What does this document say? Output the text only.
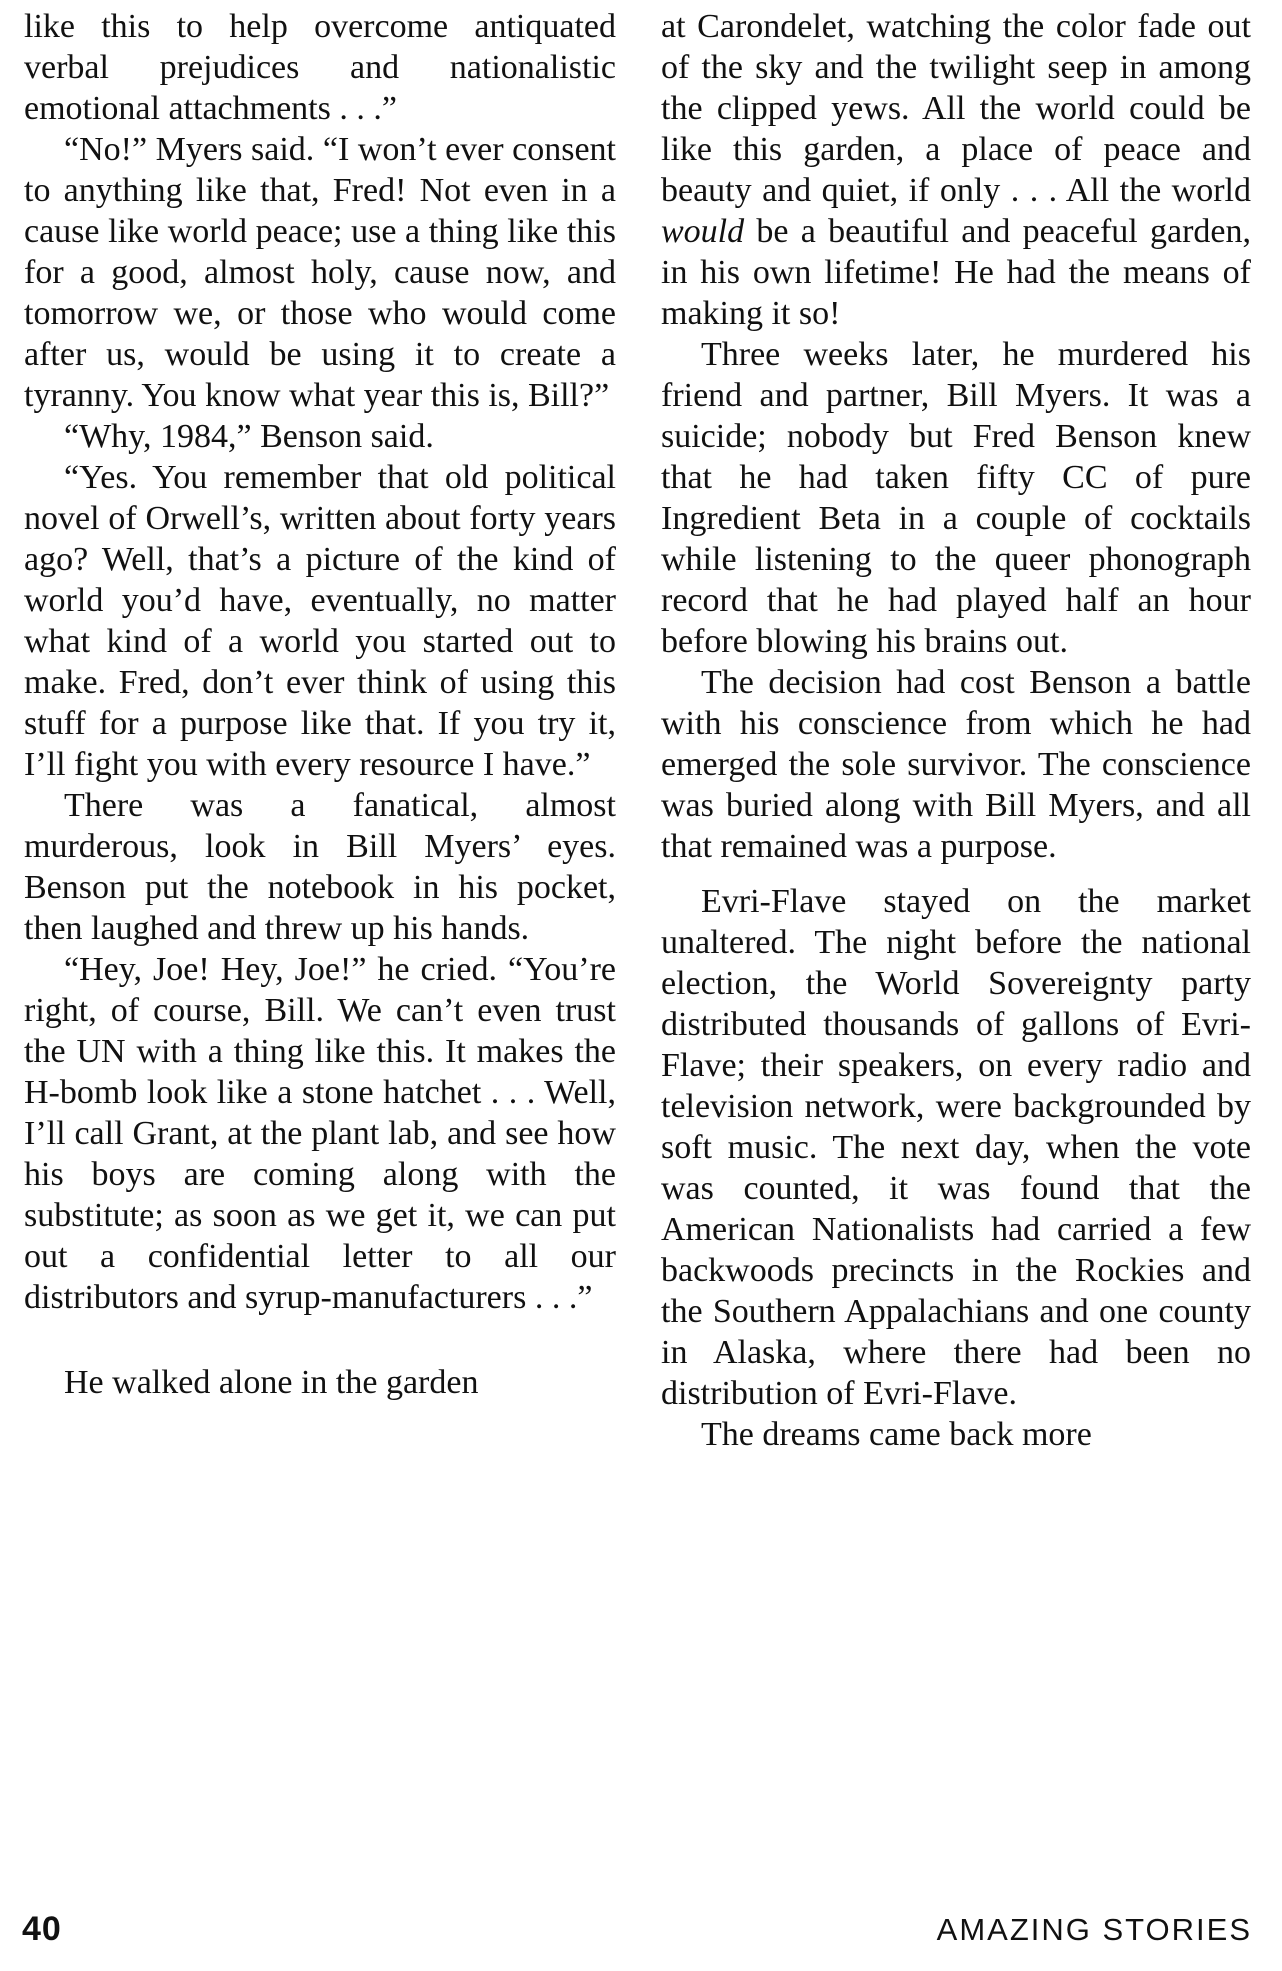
like this to help overcome antiquated verbal prejudices and nationalistic emotional attachments . . .”

“No!” Myers said. “I won’t ever consent to anything like that, Fred! Not even in a cause like world peace; use a thing like this for a good, almost holy, cause now, and tomorrow we, or those who would come after us, would be using it to create a tyranny. You know what year this is, Bill?”

“Why, 1984,” Benson said.

“Yes. You remember that old political novel of Orwell’s, written about forty years ago? Well, that’s a picture of the kind of world you’d have, eventually, no matter what kind of a world you started out to make. Fred, don’t ever think of using this stuff for a purpose like that. If you try it, I’ll fight you with every resource I have.”

There was a fanatical, almost murderous, look in Bill Myers’ eyes. Benson put the notebook in his pocket, then laughed and threw up his hands.

“Hey, Joe! Hey, Joe!” he cried. “You’re right, of course, Bill. We can’t even trust the UN with a thing like this. It makes the H-bomb look like a stone hatchet . . . Well, I’ll call Grant, at the plant lab, and see how his boys are coming along with the substitute; as soon as we get it, we can put out a confidential letter to all our distributors and syrup-manufacturers . . .”

He walked alone in the garden

at Carondelet, watching the color fade out of the sky and the twilight seep in among the clipped yews. All the world could be like this garden, a place of peace and beauty and quiet, if only . . . All the world would be a beautiful and peaceful garden, in his own lifetime! He had the means of making it so!

Three weeks later, he murdered his friend and partner, Bill Myers. It was a suicide; nobody but Fred Benson knew that he had taken fifty CC of pure Ingredient Beta in a couple of cocktails while listening to the queer phonograph record that he had played half an hour before blowing his brains out.

The decision had cost Benson a battle with his conscience from which he had emerged the sole survivor. The conscience was buried along with Bill Myers, and all that remained was a purpose.

Evri-Flave stayed on the market unaltered. The night before the national election, the World Sovereignty party distributed thousands of gallons of Evri-Flave; their speakers, on every radio and television network, were backgrounded by soft music. The next day, when the vote was counted, it was found that the American Nationalists had carried a few backwoods precincts in the Rockies and the Southern Appalachians and one county in Alaska, where there had been no distribution of Evri-Flave.

The dreams came back more

40	AMAZING STORIES
